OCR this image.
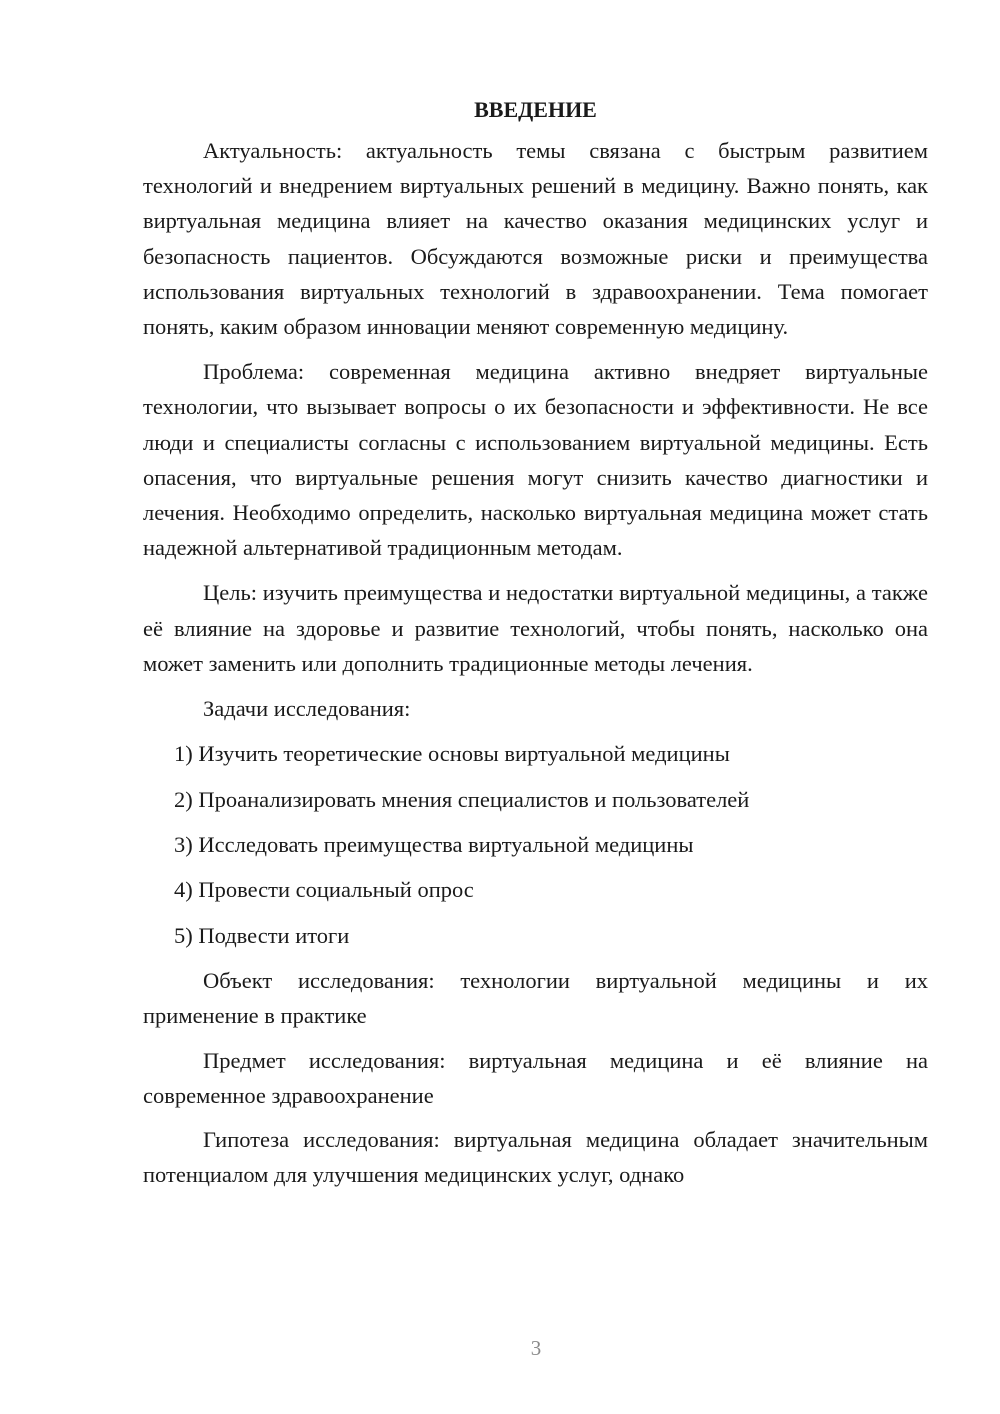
ВВЕДЕНИЕ

Актуальность: актуальность темы связана с быстрым развитием технологий и внедрением виртуальных решений в медицину. Важно понять, как виртуальная медицина влияет на качество оказания медицинских услуг и безопасность пациентов. Обсуждаются возможные риски и преимущества использования виртуальных технологий в здравоохранении. Тема помогает понять, каким образом инновации меняют современную медицину.

Проблема: современная медицина активно внедряет виртуальные технологии, что вызывает вопросы о их безопасности и эффективности. Не все люди и специалисты согласны с использованием виртуальной медицины. Есть опасения, что виртуальные решения могут снизить качество диагностики и лечения. Необходимо определить, насколько виртуальная медицина может стать надежной альтернативой традиционным методам.

Цель: изучить преимущества и недостатки виртуальной медицины, а также её влияние на здоровье и развитие технологий, чтобы понять, насколько она может заменить или дополнить традиционные методы лечения.

Задачи исследования:

1) Изучить теоретические основы виртуальной медицины
2) Проанализировать мнения специалистов и пользователей
3) Исследовать преимущества виртуальной медицины
4) Провести социальный опрос
5) Подвести итоги

Объект исследования: технологии виртуальной медицины и их применение в практике

Предмет исследования: виртуальная медицина и её влияние на современное здравоохранение

Гипотеза исследования: виртуальная медицина обладает значительным потенциалом для улучшения медицинских услуг, однако

3
